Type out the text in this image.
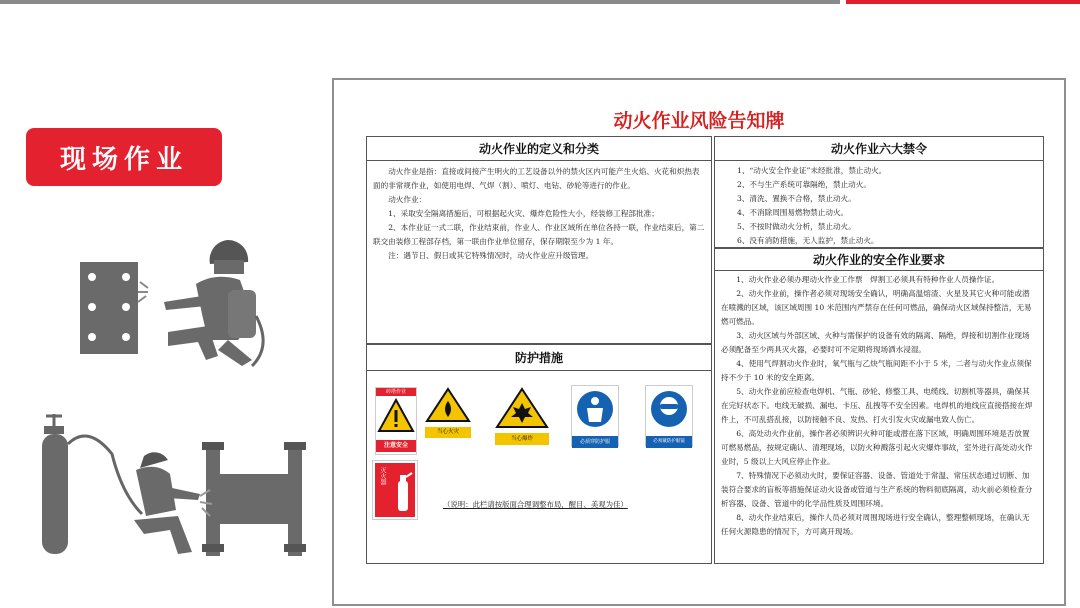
现场作业
动火作业风险告知牌
动火作业的定义和分类

动火作业是指：直接或间接产生明火的工艺设备以外的禁火区内可能产生火焰、火花和炽热表面的非常规作业，如使用电焊、气焊（割）、喷灯、电钻、砂轮等进行的作业。

动火作业：

1、采取安全隔离措施后，可根据起火灾、爆炸危险性大小，经装修工程部批准；

2、本作业证一式二联，作业结束前，作业人、作业区域所在单位各持一联，作业结束后，第二联交由装修工程部存档，第一联由作业单位留存，保存期限至少为 1 年。

注：遇节日、假日或其它特殊情况时，动火作业应升级管理。

防护措施
砖塔作业
注意安全
当心火灾
当心爆炸	必须穿防护服	必须戴防护眼镜
灭火器
（说明：此栏请按版面合理调整布局，醒目、美观为佳）
动火作业六大禁令

1、“动火安全作业证”未经批准，禁止动火。

2、不与生产系统可靠隔绝，禁止动火。

3、清洗、置换不合格，禁止动火。

4、不消除周围易燃物禁止动火。

5、不按时做动火分析，禁止动火。

6、没有消防措施，无人监护，禁止动火。

动火作业的安全作业要求

1、动火作业必须办理动火作业工作票　焊割工必须具有特种作业人员操作证。

2、动火作业前，操作者必须对现场安全确认，明确高温熔渣、火星及其它火种可能或潜在喷溅的区域，该区域周围 10 米范围内严禁存在任何可燃品，确保动火区域保持整洁，无易燃可燃品。

3、动火区域与外部区域、火种与需保护的设备有效的隔离、隔绝，焊接和切割作业现场必须配备至少两具灭火器，必要时可不定期将现场洒水浸湿。

4、使用气焊割动火作业时，氧气瓶与乙炔气瓶间距不小于 5 米，二者与动火作业点须保持不少于 10 米的安全距离。

5、动火作业前应检查电焊机、气瓶、砂轮、修整工具、电缆线、切割机等器具，确保其在完好状态下。电线无破损、漏电、卡压、乱拽等不安全因素。电焊机的地线应直接搭接在焊件上，不可乱搭乱接，以防接触不良、发热、打火引发火灾或漏电致人伤亡。

6、高处动火作业前，操作者必须辨识火种可能或潜在落下区域，明确周围环境是否放置可燃易燃品，按规定确认、清理现场，以防火种溅落引起火灾爆炸事故，室外进行高处动火作业时，5 级以上大风应停止作业。

7、特殊情况下必须动火时，要保证容器、设备、管道处于常温、常压状态通过切断、加装符合要求的盲板等措施保证动火设备或管道与生产系统的物料彻底隔离，动火前必须检查分析容器、设备、管道中的化学品性质及周围环境。

8、动火作业结束后，操作人员必须对周围现场进行安全确认，整理整顿现场，在确认无任何火源隐患的情况下，方可离开现场。
